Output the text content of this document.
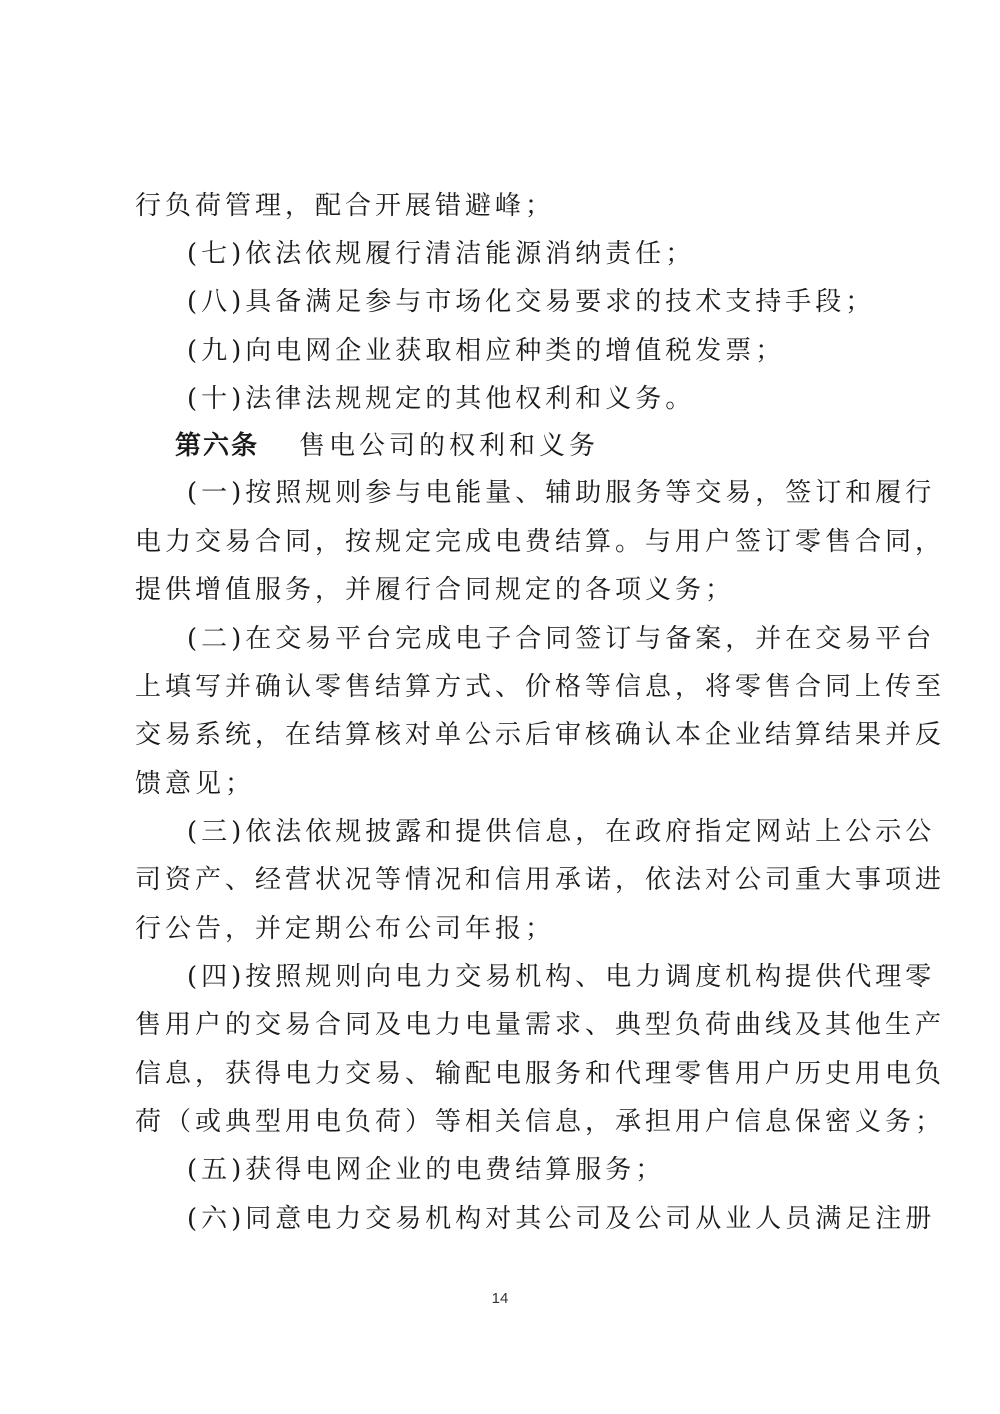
行负荷管理，配合开展错避峰；
(七)依法依规履行清洁能源消纳责任；
(八)具备满足参与市场化交易要求的技术支持手段；
(九)向电网企业获取相应种类的增值税发票；
(十)法律法规规定的其他权利和义务。
第六条 售电公司的权利和义务
(一)按照规则参与电能量、辅助服务等交易，签订和履行
电力交易合同，按规定完成电费结算。与用户签订零售合同，
提供增值服务，并履行合同规定的各项义务；
(二)在交易平台完成电子合同签订与备案，并在交易平台
上填写并确认零售结算方式、价格等信息，将零售合同上传至
交易系统，在结算核对单公示后审核确认本企业结算结果并反
馈意见；
(三)依法依规披露和提供信息，在政府指定网站上公示公
司资产、经营状况等情况和信用承诺，依法对公司重大事项进
行公告，并定期公布公司年报；
(四)按照规则向电力交易机构、电力调度机构提供代理零
售用户的交易合同及电力电量需求、典型负荷曲线及其他生产
信息，获得电力交易、输配电服务和代理零售用户历史用电负
荷（或典型用电负荷）等相关信息，承担用户信息保密义务；
(五)获得电网企业的电费结算服务；
(六)同意电力交易机构对其公司及公司从业人员满足注册
14
